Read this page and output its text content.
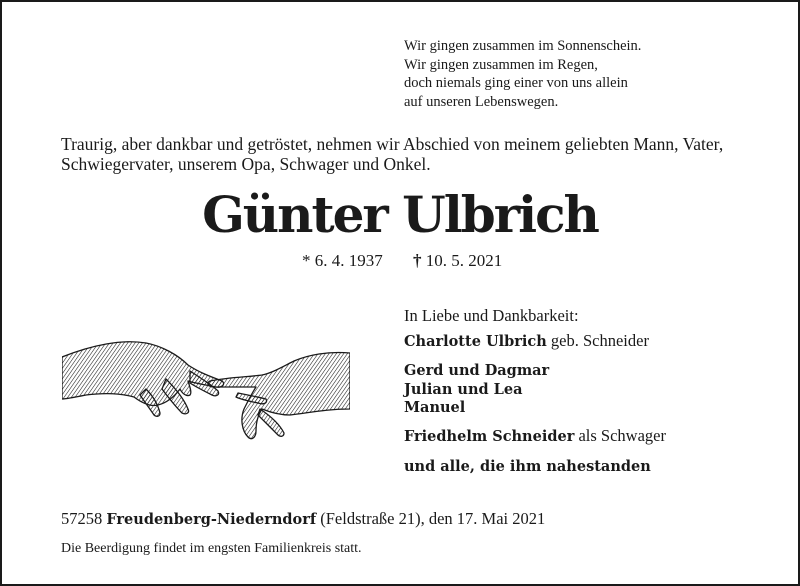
Wir gingen zusammen im Sonnenschein.
Wir gingen zusammen im Regen,
doch niemals ging einer von uns allein
auf unseren Lebenswegen.
Traurig, aber dankbar und getröstet, nehmen wir Abschied von meinem geliebten Mann, Vater,
Schwiegervater, unserem Opa, Schwager und Onkel.
Günter Ulbrich
* 6. 4. 1937 † 10. 5. 2021
In Liebe und Dankbarkeit:
Charlotte Ulbrich geb. Schneider
Gerd und Dagmar
Julian und Lea
Manuel
Friedhelm Schneider als Schwager
und alle, die ihm nahestanden
57258 Freudenberg-Niederndorf (Feldstraße 21), den 17. Mai 2021
Die Beerdigung findet im engsten Familienkreis statt.
